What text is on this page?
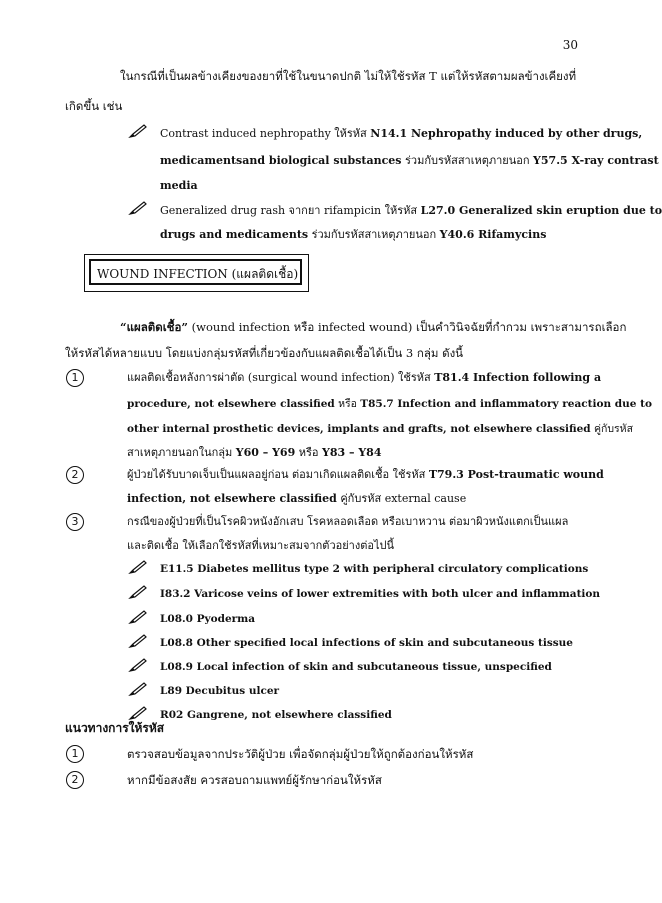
30
ในกรณีที่เป็นผลข้างเคียงของยาที่ใช้ในขนาดปกติ ไม่ให้ใช้รหัส T แต่ให้รหัสตามผลข้างเคียงที่
เกิดขึ้น เช่น
Contrast induced nephropathy ให้รหัส N14.1 Nephropathy induced by other drugs,
medicamentsand biological substances ร่วมกับรหัสสาเหตุภายนอก Y57.5 X-ray contrast
media
Generalized drug rash จากยา rifampicin ให้รหัส L27.0 Generalized skin eruption due to
drugs and medicaments ร่วมกับรหัสสาเหตุภายนอก Y40.6 Rifamycins
WOUND INFECTION (แผลติดเชื้อ)
“แผลติดเชื้อ” (wound infection หรือ infected wound) เป็นคำวินิจฉัยที่กำกวม เพราะสามารถเลือก
ให้รหัสได้หลายแบบ โดยแบ่งกลุ่มรหัสที่เกี่ยวข้องกับแผลติดเชื้อได้เป็น 3 กลุ่ม ดังนี้
1	แผลติดเชื้อหลังการผ่าตัด (surgical wound infection) ใช้รหัส T81.4 Infection following a
procedure, not elsewhere classified หรือ T85.7 Infection and inflammatory reaction due to
other internal prosthetic devices, implants and grafts, not elsewhere classified คู่กับรหัส
สาเหตุภายนอกในกลุ่ม Y60 – Y69 หรือ Y83 – Y84
2	ผู้ป่วยได้รับบาดเจ็บเป็นแผลอยู่ก่อน ต่อมาเกิดแผลติดเชื้อ ใช้รหัส T79.3 Post-traumatic wound
infection, not elsewhere classified คู่กับรหัส external cause
3	กรณีของผู้ป่วยที่เป็นโรคผิวหนังอักเสบ โรคหลอดเลือด หรือเบาหวาน ต่อมาผิวหนังแตกเป็นแผล
และติดเชื้อ ให้เลือกใช้รหัสที่เหมาะสมจากตัวอย่างต่อไปนี้
E11.5 Diabetes mellitus type 2 with peripheral circulatory complications
I83.2 Varicose veins of lower extremities with both ulcer and inflammation
L08.0 Pyoderma
L08.8 Other specified local infections of skin and subcutaneous tissue
L08.9 Local infection of skin and subcutaneous tissue, unspecified
L89 Decubitus ulcer
R02 Gangrene, not elsewhere classified
แนวทางการให้รหัส
1	ตรวจสอบข้อมูลจากประวัติผู้ป่วย เพื่อจัดกลุ่มผู้ป่วยให้ถูกต้องก่อนให้รหัส
2	หากมีข้อสงสัย ควรสอบถามแพทย์ผู้รักษาก่อนให้รหัส
